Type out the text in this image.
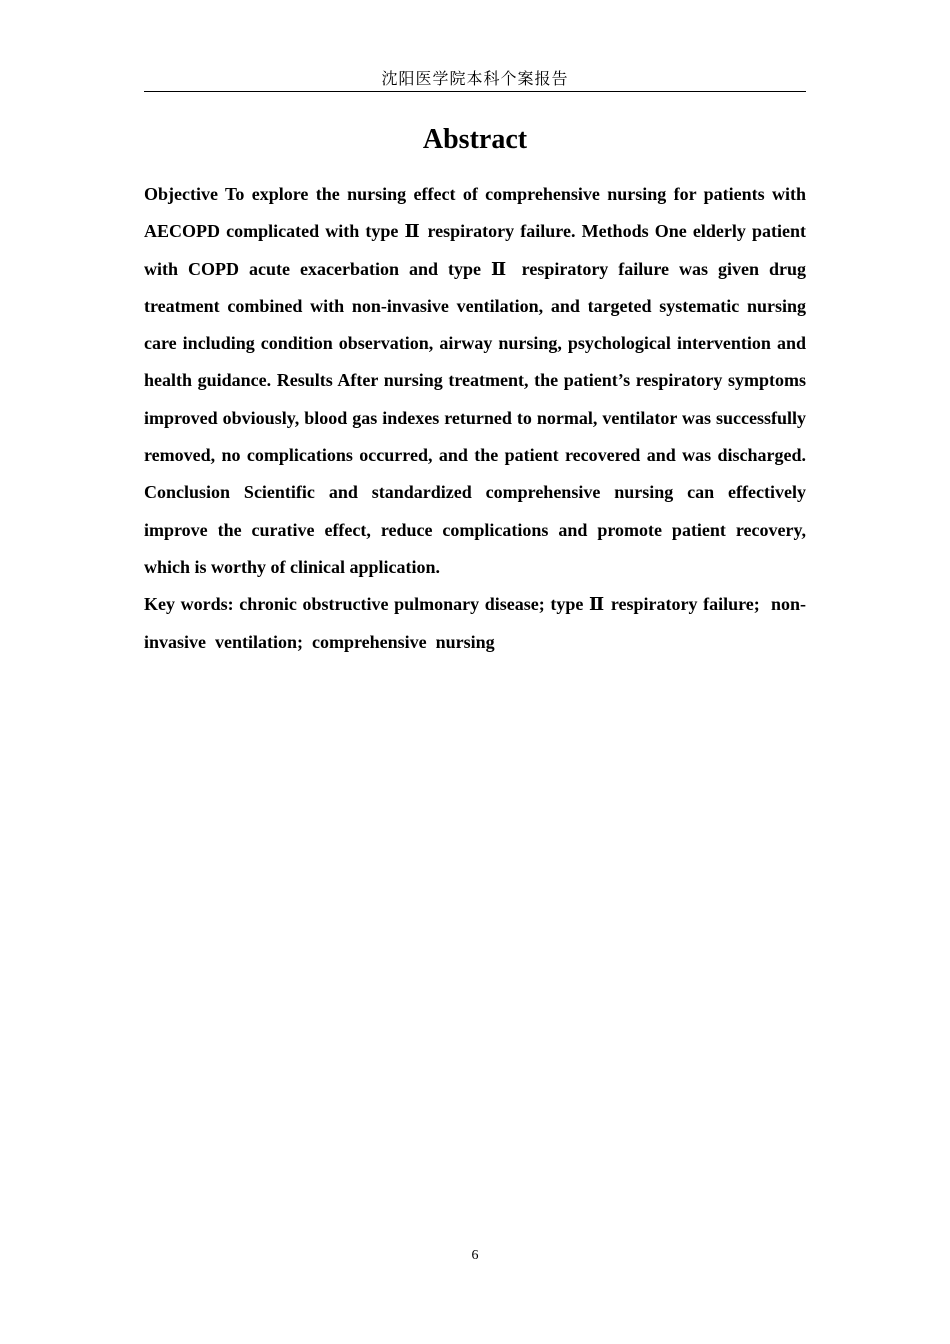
沈阳医学院本科个案报告
Abstract

Objective To explore the nursing effect of comprehensive nursing for patients with AECOPD complicated with type Ⅱ respiratory failure. Methods One elderly patient with COPD acute exacerbation and type Ⅱ respiratory failure was given drug treatment combined with non-invasive ventilation, and targeted systematic nursing care including condition observation, airway nursing, psychological intervention and health guidance. Results After nursing treatment, the patient’s respiratory symptoms improved obviously, blood gas indexes returned to normal, ventilator was successfully removed, no complications occurred, and the patient recovered and was discharged. Conclusion Scientific and standardized comprehensive nursing can effectively improve the curative effect, reduce complications and promote patient recovery, which is worthy of clinical application.

Key words: chronic obstructive pulmonary disease; type Ⅱ respiratory failure;  non-invasive  ventilation;  comprehensive  nursing

6
